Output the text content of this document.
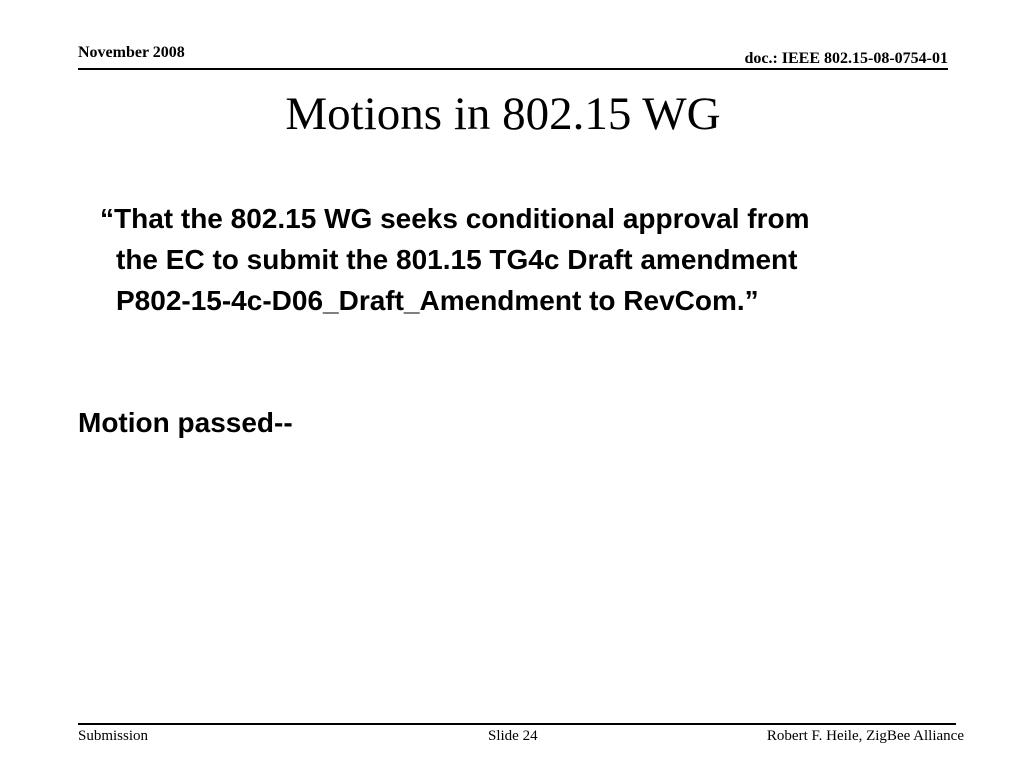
November 2008	doc.: IEEE 802.15-08-0754-01
Motions in 802.15 WG
“That the 802.15 WG seeks conditional approval from
the EC to submit the 801.15 TG4c Draft amendment
P802-15-4c-D06_Draft_Amendment to RevCom.”
Motion passed--
Submission	Slide 24	Robert F. Heile, ZigBee Alliance
